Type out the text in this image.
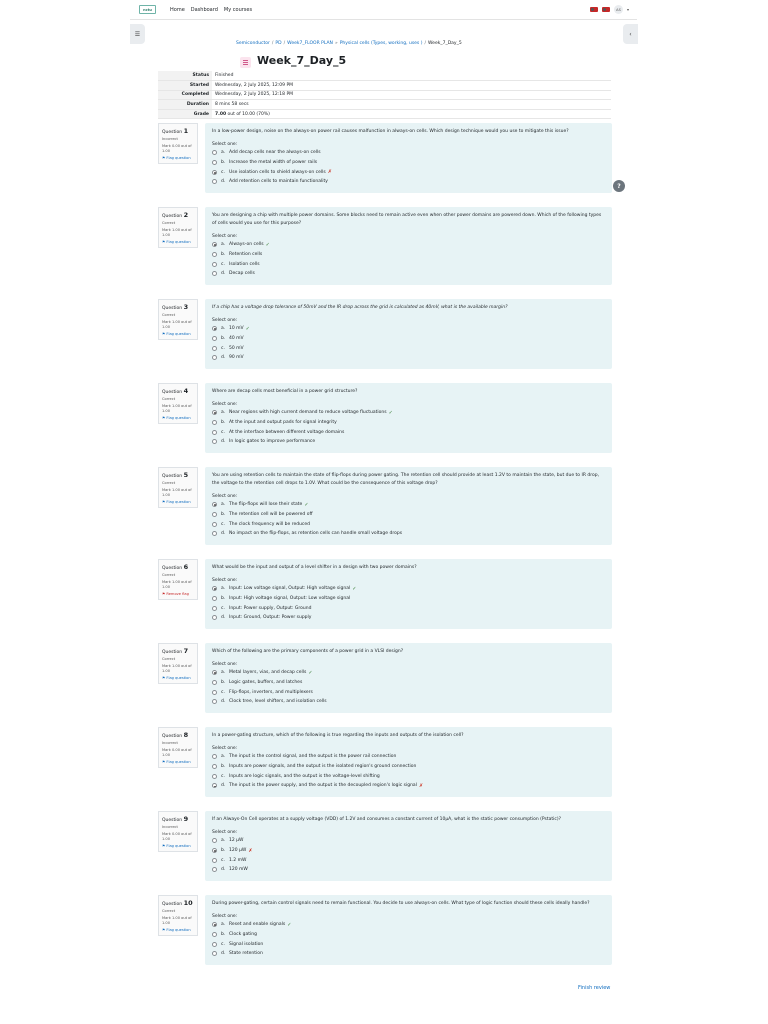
nctu	Home Dashboard My courses	AS	▾
☰	‹
?
Semiconductor / PD / Week7_FLOOR PLAN » Physical cells (Types, working, uses ) / Week_7_Day_5
Week_7_Day_5
Status	Finished
Started	Wednesday, 2 July 2025, 12:09 PM
Completed	Wednesday, 2 July 2025, 12:18 PM
Duration	8 mins 58 secs
Grade	7.00 out of 10.00 (70%)
Question 1
Incorrect
Mark 0.00 out of 1.00
⚑ Flag question
In a low-power design, noise on the always-on power rail causes malfunction in always-on cells. Which design technique would you use to mitigate this issue?
Select one:
a. Add decap cells near the always-on cells
b. Increase the metal width of power rails
c. Use isolation cells to shield always-on cells ✗
d. Add retention cells to maintain functionality
Question 2
Correct
Mark 1.00 out of 1.00
⚑ Flag question
You are designing a chip with multiple power domains. Some blocks need to remain active even when other power domains are powered down. Which of the following types of cells would you use for this purpose?
Select one:
a. Always-on cells ✓
b. Retention cells
c. Isolation cells
d. Decap cells
Question 3
Correct
Mark 1.00 out of 1.00
⚑ Flag question
If a chip has a voltage drop tolerance of 50mV and the IR drop across the grid is calculated as 40mV, what is the available margin?
Select one:
a. 10 mV ✓
b. 40 mV
c. 50 mV
d. 90 mV
Question 4
Correct
Mark 1.00 out of 1.00
⚑ Flag question
Where are decap cells most beneficial in a power grid structure?
Select one:
a. Near regions with high current demand to reduce voltage fluctuations ✓
b. At the input and output pads for signal integrity
c. At the interface between different voltage domains
d. In logic gates to improve performance
Question 5
Correct
Mark 1.00 out of 1.00
⚑ Flag question
You are using retention cells to maintain the state of flip-flops during power gating. The retention cell should provide at least 1.2V to maintain the state, but due to IR drop, the voltage to the retention cell drops to 1.0V. What could be the consequence of this voltage drop?
Select one:
a. The flip-flops will lose their state ✓
b. The retention cell will be powered off
c. The clock frequency will be reduced
d. No impact on the flip-flops, as retention cells can handle small voltage drops
Question 6
Correct
Mark 1.00 out of 1.00
⚑ Remove flag
What would be the input and output of a level shifter in a design with two power domains?
Select one:
a. Input: Low voltage signal, Output: High voltage signal ✓
b. Input: High voltage signal, Output: Low voltage signal
c. Input: Power supply, Output: Ground
d. Input: Ground, Output: Power supply
Question 7
Correct
Mark 1.00 out of 1.00
⚑ Flag question
Which of the following are the primary components of a power grid in a VLSI design?
Select one:
a. Metal layers, vias, and decap cells ✓
b. Logic gates, buffers, and latches
c. Flip-flops, inverters, and multiplexers
d. Clock tree, level shifters, and isolation cells
Question 8
Incorrect
Mark 0.00 out of 1.00
⚑ Flag question
In a power-gating structure, which of the following is true regarding the inputs and outputs of the isolation cell?
Select one:
a. The input is the control signal, and the output is the power rail connection
b. Inputs are power signals, and the output is the isolated region's ground connection
c. Inputs are logic signals, and the output is the voltage-level shifting
d. The input is the power supply, and the output is the decoupled region's logic signal ✗
Question 9
Incorrect
Mark 0.00 out of 1.00
⚑ Flag question
If an Always-On Cell operates at a supply voltage (VDD) of 1.2V and consumes a constant current of 10μA, what is the static power consumption (Pstatic)?
Select one:
a. 12 μW
b. 120 μW ✗
c. 1.2 mW
d. 120 mW
Question 10
Correct
Mark 1.00 out of 1.00
⚑ Flag question
During power-gating, certain control signals need to remain functional. You decide to use always-on cells. What type of logic function should these cells ideally handle?
Select one:
a. Reset and enable signals ✓
b. Clock gating
c. Signal isolation
d. State retention
Finish review
